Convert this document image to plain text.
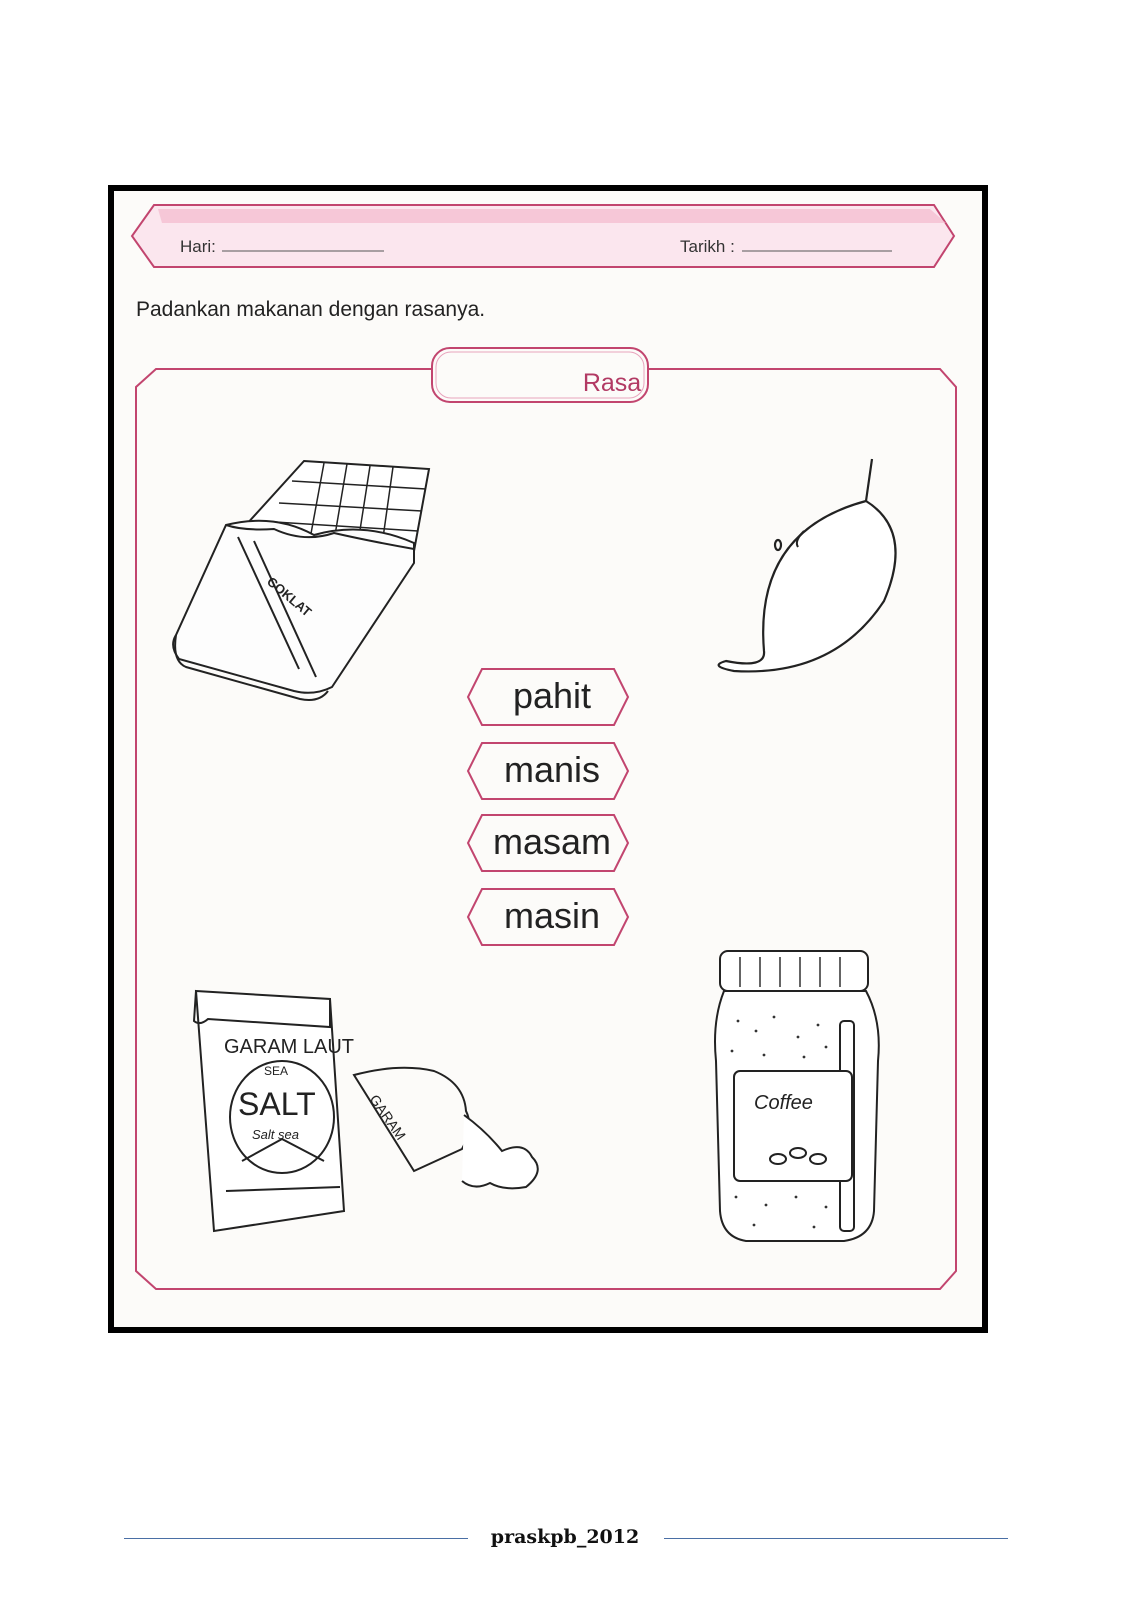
COKLAT
GARAM
GARAM LAUT
SEA
SALT
Salt sea
Coffee
Hari:	Tarikh :
Padankan makanan dengan rasanya.
Rasa
pahit
manis
masam
masin
praskpb_2012
